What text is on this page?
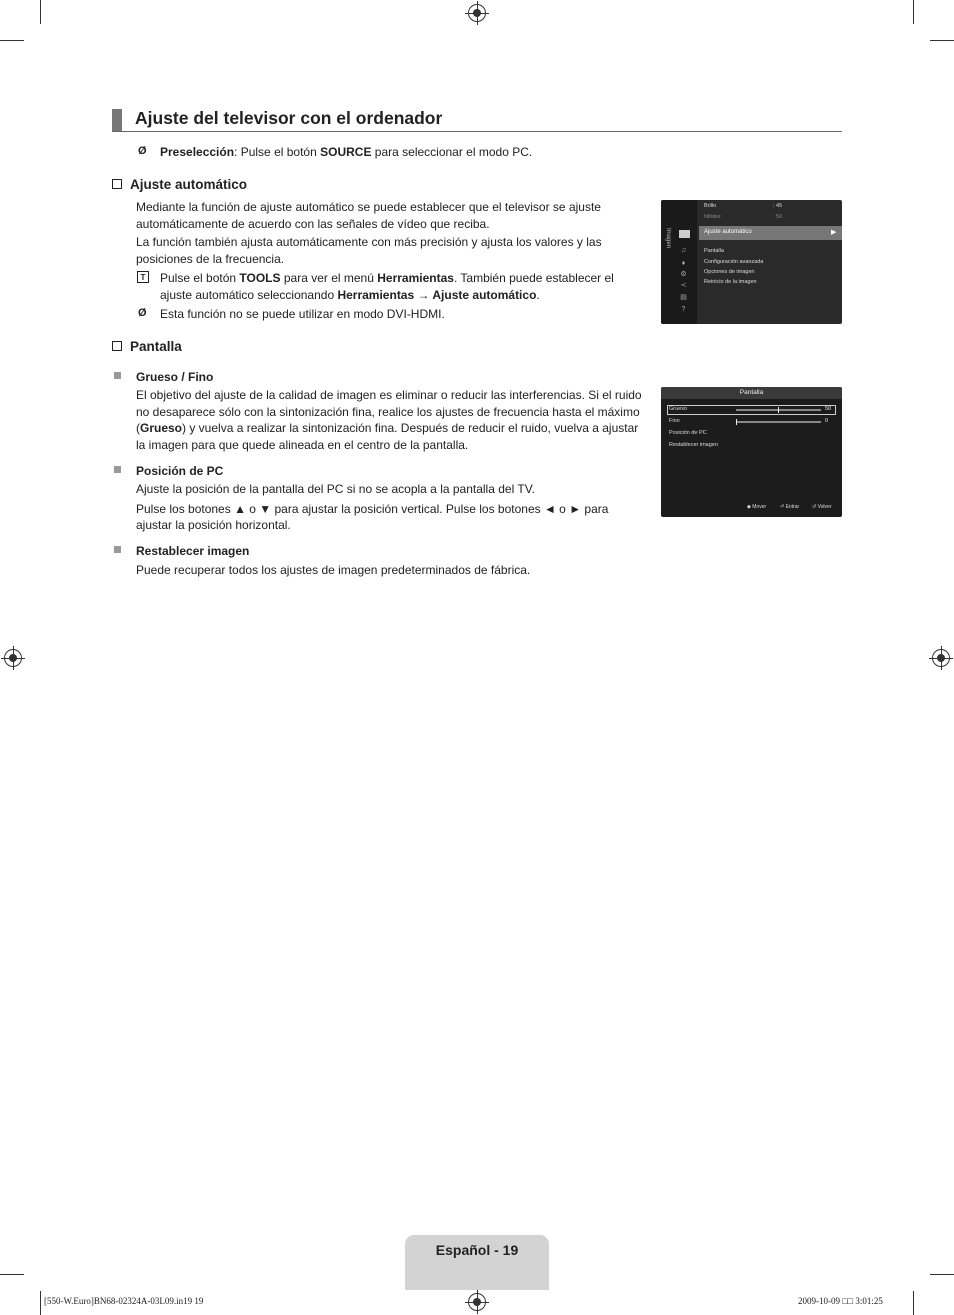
Ajuste del televisor con el ordenador
Ø Preselección: Pulse el botón SOURCE para seleccionar el modo PC.
Ajuste automático
Mediante la función de ajuste automático se puede establecer que el televisor se ajuste
automáticamente de acuerdo con las señales de vídeo que reciba.
La función también ajusta automáticamente con más precisión y ajusta los valores y las
posiciones de la frecuencia.
T Pulse el botón TOOLS para ver el menú Herramientas. También puede establecer el
ajuste automático seleccionando Herramientas → Ajuste automático.
Ø Esta función no se puede utilizar en modo DVI-HDMI.
Imagen
♫
♦
⚙
≺
▤
?
Brillo	: 45
Nitidez	: 50
Ajuste automático	▶
Pantalla
Configuración avanzada
Opciones de imagen
Reinicio de la imagen
Pantalla
Grueso / Fino
El objetivo del ajuste de la calidad de imagen es eliminar o reducir las interferencias. Si el ruido
no desaparece sólo con la sintonización fina, realice los ajustes de frecuencia hasta el máximo
(Grueso) y vuelva a realizar la sintonización fina. Después de reducir el ruido, vuelva a ajustar
la imagen para que quede alineada en el centro de la pantalla.
Posición de PC
Ajuste la posición de la pantalla del PC si no se acopla a la pantalla del TV.
Pulse los botones ▲ o ▼ para ajustar la posición vertical. Pulse los botones ◄ o ► para
ajustar la posición horizontal.
Restablecer imagen
Puede recuperar todos los ajustes de imagen predeterminados de fábrica.
Pantalla
Grueso	50
Fino	0
Posición de PC
Restablecer imagen
◆ Mover	⏎ Entrar	↺ Volver
Español - 19
[550-W.Euro]BN68-02324A-03L09.in19 19	2009-10-09 □□ 3:01:25
